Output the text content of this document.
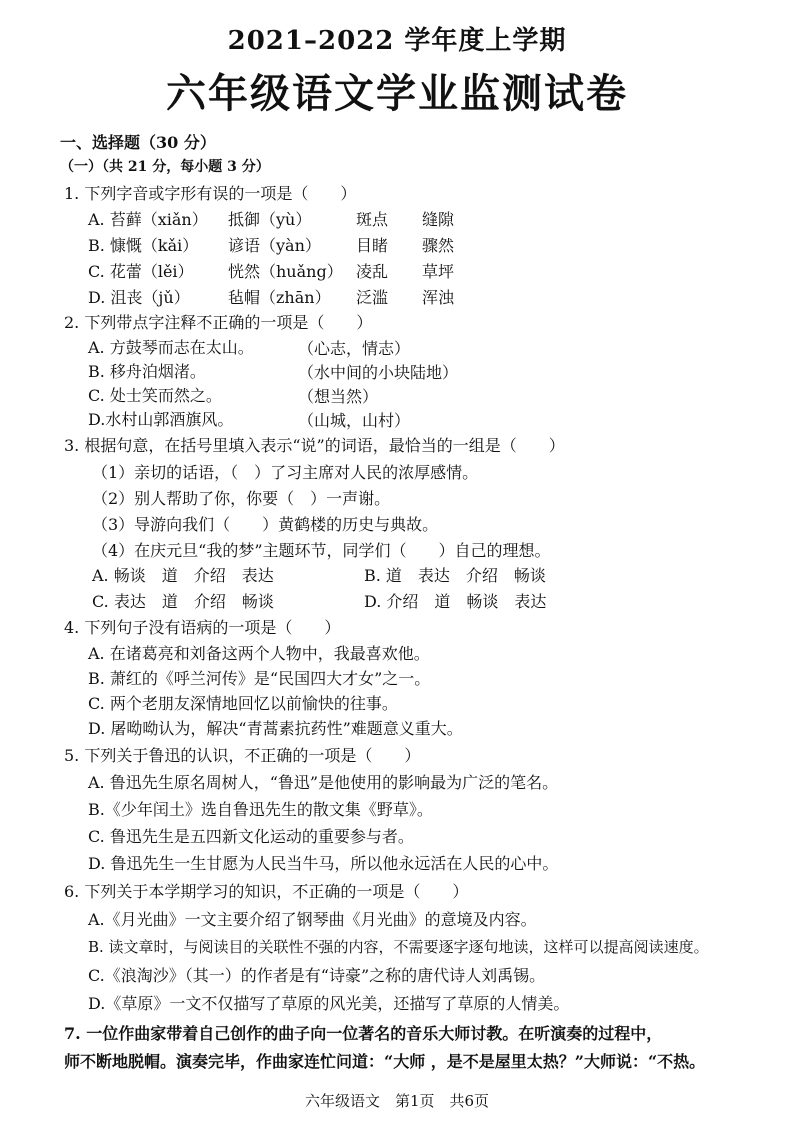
2021–2022 学年度上学期
六年级语文学业监测试卷
一、选择题（30 分）
（一）（共 21 分，每小题 3 分）
1. 下列字音或字形有误的一项是（　　）
A. 苔藓（xiǎn） 抵御（yù）	斑点 缝隙
B. 慷慨（kǎi） 谚语（yàn） 目睹 骤然
C. 花蕾（lěi） 恍然（huǎng） 凌乱 草坪
D. 沮丧（jǔ） 毡帽（zhān） 泛滥 浑浊
2. 下列带点字注释不正确的一项是（　　）
A. 方鼓琴而志在太山。	（心志，情志）
B. 移舟泊烟渚。	（水中间的小块陆地）
C. 处士笑而然之。	（想当然）
D.水村山郭酒旗风。	（山城，山村）
3. 根据句意，在括号里填入表示“说”的词语，最恰当的一组是（　　）
（1）亲切的话语，（　）了习主席对人民的浓厚感情。
（2）别人帮助了你，你要（　）一声谢。
（3）导游向我们（　　）黄鹤楼的历史与典故。
（4）在庆元旦“我的梦”主题环节，同学们（　　）自己的理想。
A. 畅谈　道　介绍　表达	B. 道　表达　介绍　畅谈
C. 表达　道　介绍　畅谈	D. 介绍　道　畅谈　表达
4. 下列句子没有语病的一项是（　　）
A. 在诸葛亮和刘备这两个人物中，我最喜欢他。
B. 萧红的《呼兰河传》是“民国四大才女”之一。
C. 两个老朋友深情地回忆以前愉快的往事。
D. 屠呦呦认为，解决“青蒿素抗药性”难题意义重大。
5. 下列关于鲁迅的认识，不正确的一项是（　　）
A. 鲁迅先生原名周树人，“鲁迅”是他使用的影响最为广泛的笔名。
B.《少年闰土》选自鲁迅先生的散文集《野草》。
C. 鲁迅先生是五四新文化运动的重要参与者。
D. 鲁迅先生一生甘愿为人民当牛马，所以他永远活在人民的心中。
6. 下列关于本学期学习的知识，不正确的一项是（　　）
A.《月光曲》一文主要介绍了钢琴曲《月光曲》的意境及内容。
B. 读文章时，与阅读目的关联性不强的内容，不需要逐字逐句地读，这样可以提高阅读速度。
C.《浪淘沙》（其一）的作者是有“诗豪”之称的唐代诗人刘禹锡。
D.《草原》一文不仅描写了草原的风光美，还描写了草原的人情美。
7. 一位作曲家带着自己创作的曲子向一位著名的音乐大师讨教。在听演奏的过程中，
师不断地脱帽。演奏完毕，作曲家连忙问道：“大师 ，是不是屋里太热？”大师说：“不热。
六年级语文　第1页　共6页
